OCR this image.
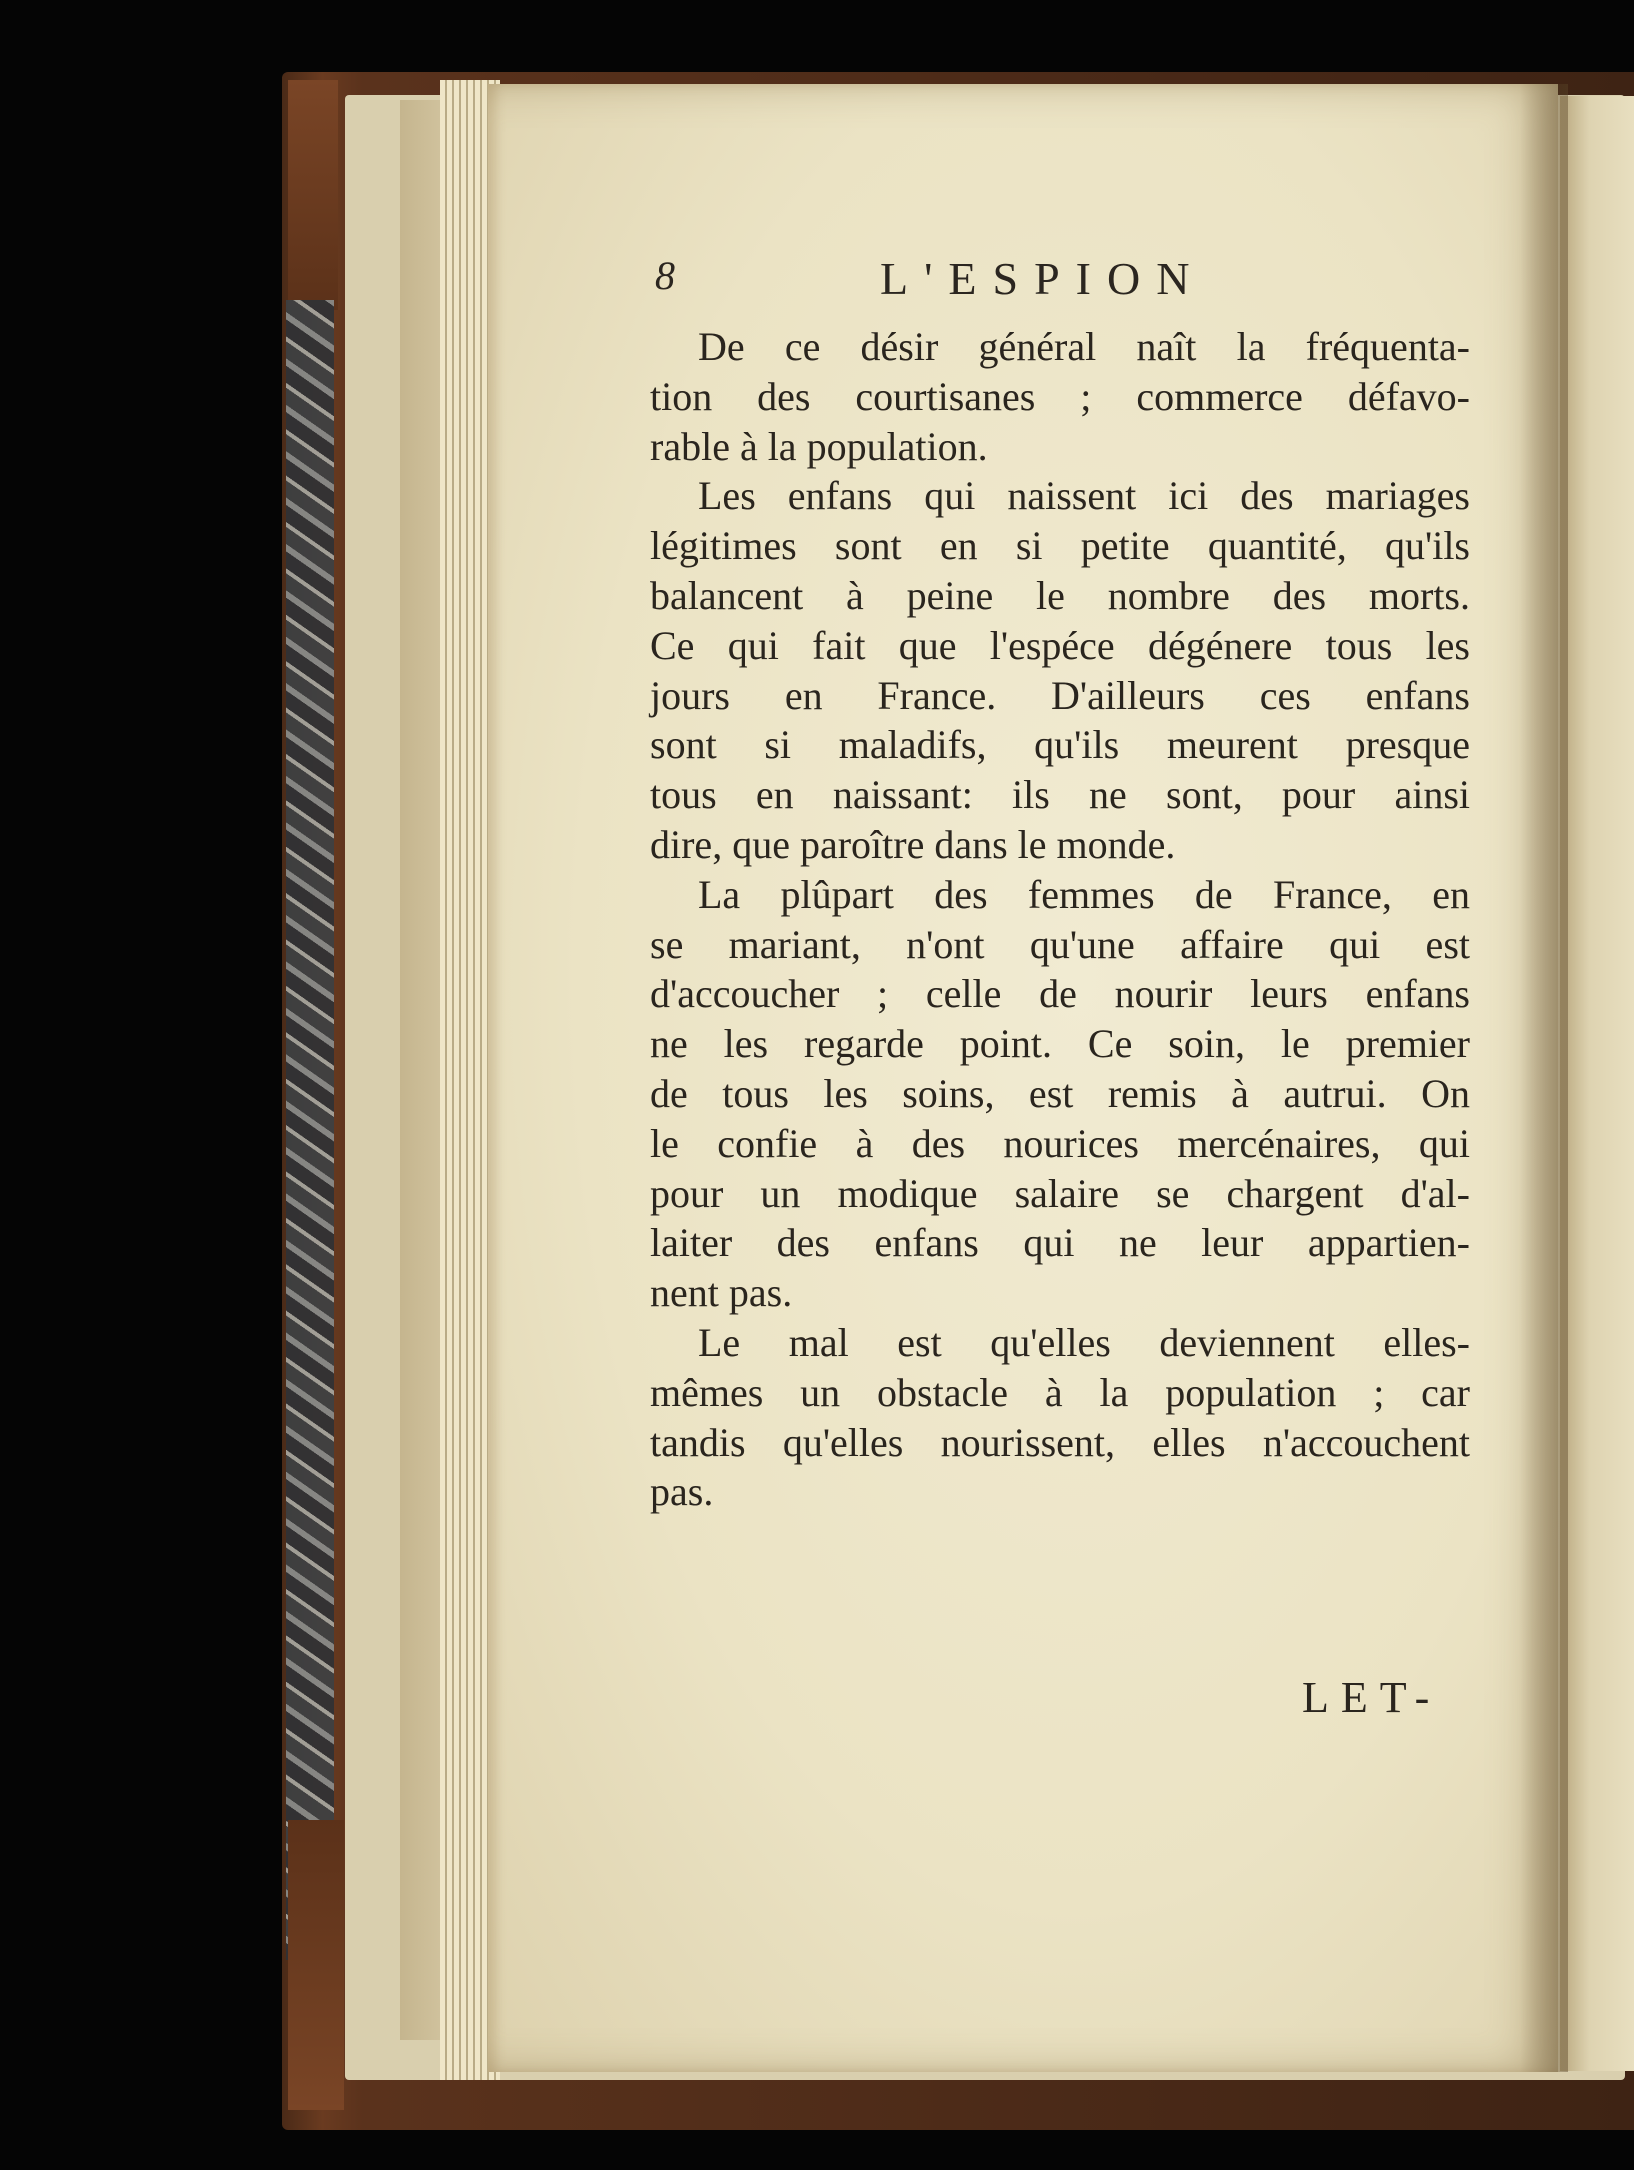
8	L'ESPION
De ce désir général naît la fréquenta-
tion des courtisanes ; commerce défavo-
rable à la population.
Les enfans qui naissent ici des mariages
légitimes sont en si petite quantité, qu'ils
balancent à peine le nombre des morts.
Ce qui fait que l'espéce dégénere tous les
jours en France. D'ailleurs ces enfans
sont si maladifs, qu'ils meurent presque
tous en naissant: ils ne sont, pour ainsi
dire, que paroître dans le monde.
La plûpart des femmes de France, en
se mariant, n'ont qu'une affaire qui est
d'accoucher ; celle de nourir leurs enfans
ne les regarde point. Ce soin, le premier
de tous les soins, est remis à autrui. On
le confie à des nourices mercénaires, qui
pour un modique salaire se chargent d'al-
laiter des enfans qui ne leur appartien-
nent pas.
Le mal est qu'elles deviennent elles-
mêmes un obstacle à la population ; car
tandis qu'elles nourissent, elles n'accouchent
pas.
LET-
